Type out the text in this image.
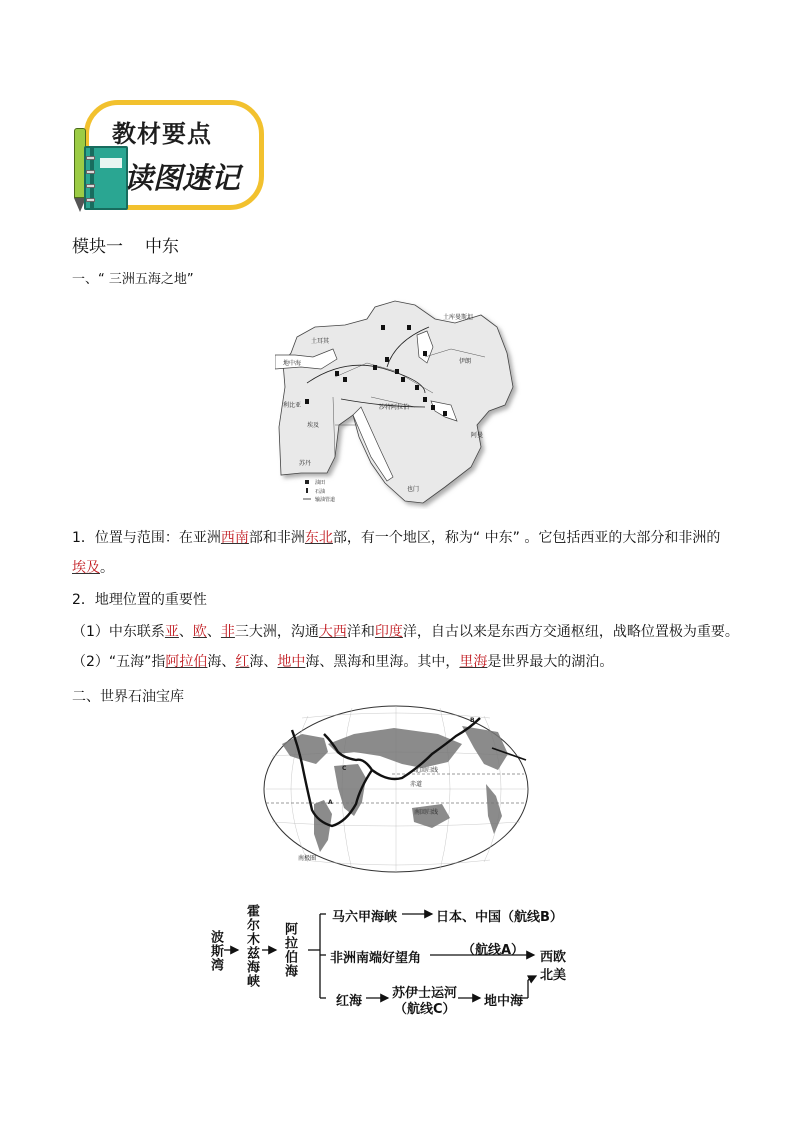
教材要点
读图速记
模块一 中东
一、“ 三洲五海之地”
土耳其
土库曼斯坦
伊朗
沙特阿拉伯
利比亚
埃及
苏丹
也门
阿曼
地中海
油田
石油
输油管道
1．位置与范围：在亚洲西南部和非洲东北部，有一个地区，称为“ 中东” 。它包括西亚的大部分和非洲的
埃及。
2．地理位置的重要性
（1）中东联系亚、欧、非三大洲，沟通大西洋和印度洋，自古以来是东西方交通枢纽，战略位置极为重要。
（2）“五海”指阿拉伯海、红海、地中海、黑海和里海。其中，里海是世界最大的湖泊。
二、世界石油宝库
北回归线
赤道
南回归线
南极圈
A
B
C
波斯湾 霍尔木兹海峡 阿拉伯海
马六甲海峡	日本、中国（航线B）
非洲南端好望角
（航线A）
红海
苏伊士运河
（航线C）
地中海
西欧
北美
